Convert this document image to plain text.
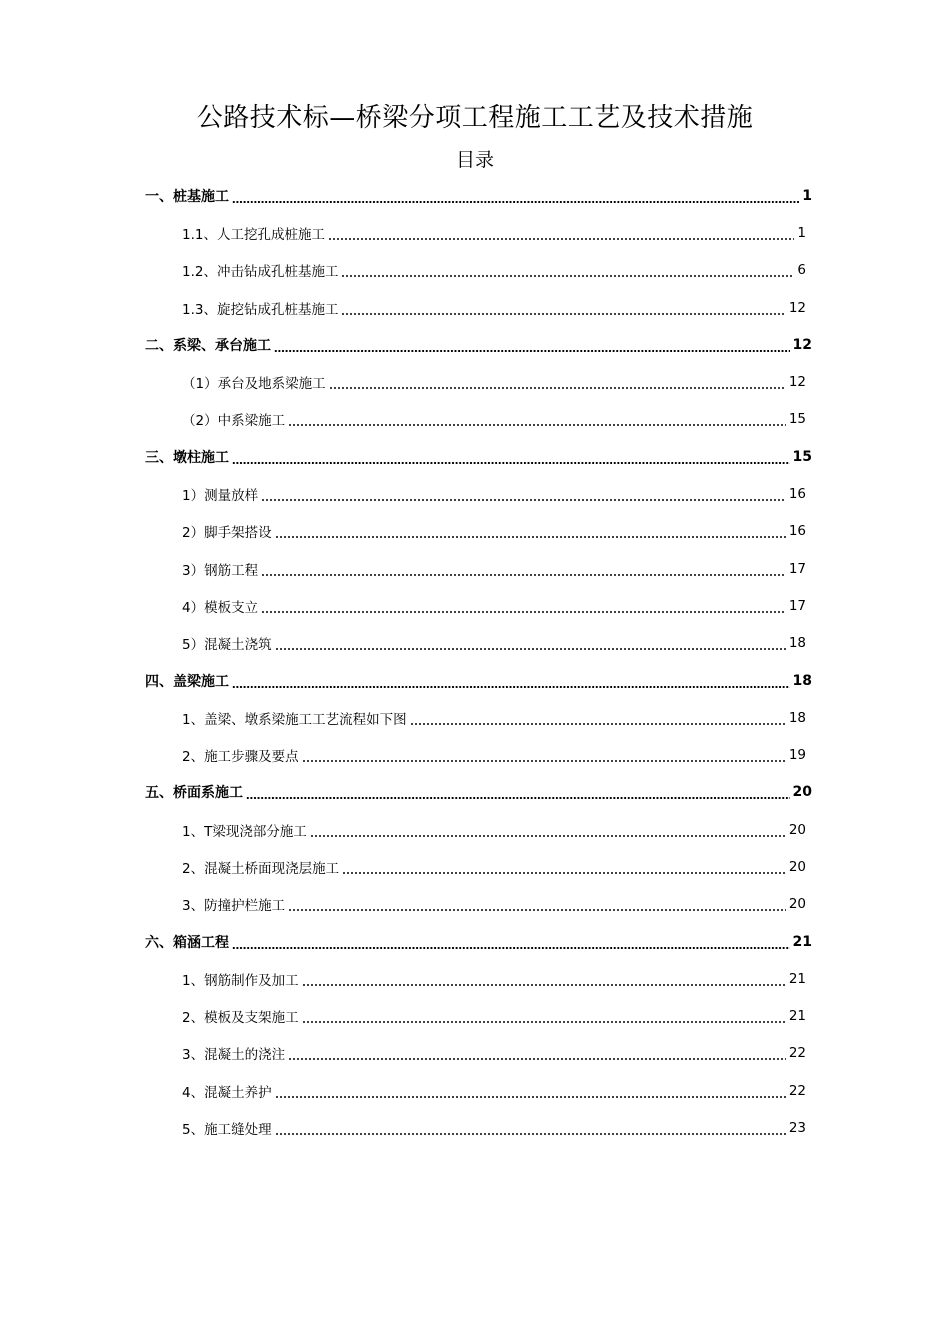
公路技术标—桥梁分项工程施工工艺及技术措施
目录
一、桩基施工	1
1.1、人工挖孔成桩施工	1
1.2、冲击钻成孔桩基施工	6
1.3、旋挖钻成孔桩基施工	12
二、系梁、承台施工	12
（1）承台及地系梁施工	12
（2）中系梁施工	15
三、墩柱施工	15
1）测量放样	16
2）脚手架搭设	16
3）钢筋工程	17
4）模板支立	17
5）混凝土浇筑	18
四、盖梁施工	18
1、盖梁、墩系梁施工工艺流程如下图	18
2、施工步骤及要点	19
五、桥面系施工	20
1、T梁现浇部分施工	20
2、混凝土桥面现浇层施工	20
3、防撞护栏施工	20
六、箱涵工程	21
1、钢筋制作及加工	21
2、模板及支架施工	21
3、混凝土的浇注	22
4、混凝土养护	22
5、施工缝处理	23
